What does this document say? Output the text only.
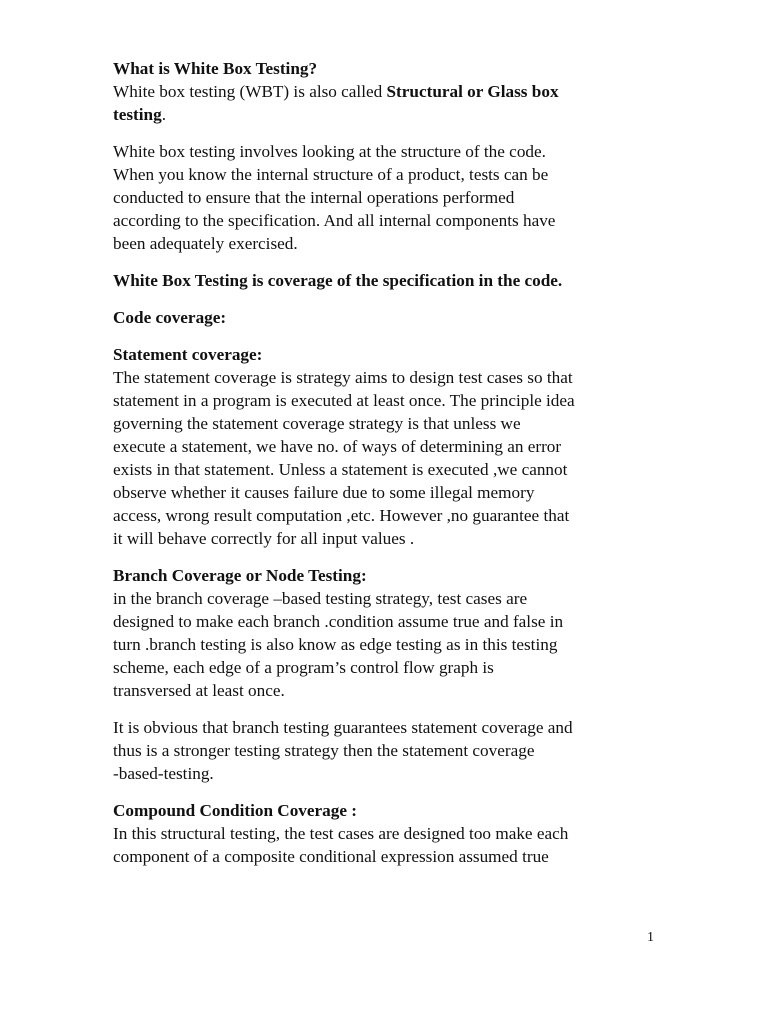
What is White Box Testing?

White box testing (WBT) is also called Structural or Glass box
testing.

White box testing involves looking at the structure of the code.
When you know the internal structure of a product, tests can be
conducted to ensure that the internal operations performed
according to the specification. And all internal components have
been adequately exercised.

White Box Testing is coverage of the specification in the code.

Code coverage:

Statement coverage:
The statement coverage is strategy aims to design test cases so that
statement in a program is executed at least once. The principle idea
governing the statement coverage strategy is that unless we
execute a statement, we have no. of ways of determining an error
exists in that statement. Unless a statement is executed ,we cannot
observe whether it causes failure due to some illegal memory
access, wrong result computation ,etc. However ,no guarantee that
it will behave correctly for all input values .

Branch Coverage or Node Testing:
in the branch coverage –based testing strategy, test cases are
designed to make each branch .condition assume true and false in
turn .branch testing is also know as edge testing as in this testing
scheme, each edge of a program’s control flow graph is
transversed at least once.

It is obvious that branch testing guarantees statement coverage and
thus is a stronger testing strategy then the statement coverage
-based-testing.

Compound Condition Coverage :
In this structural testing, the test cases are designed too make each
component of a composite conditional expression assumed true

1
